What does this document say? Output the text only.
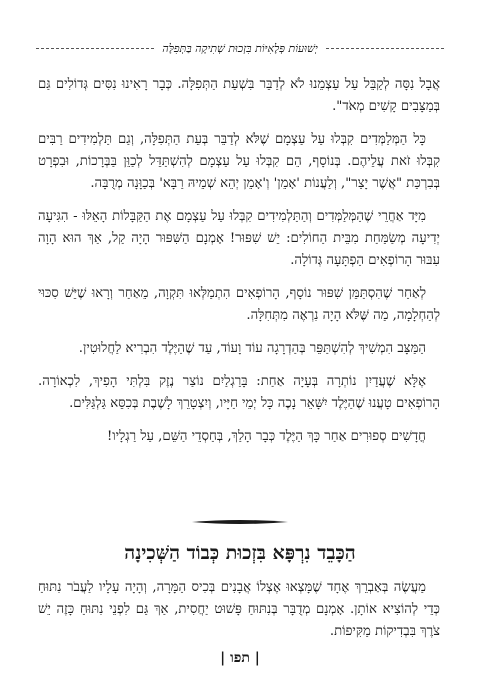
יְשׁוּעוֹת פְּלָאִיּוֹת בִּזְכוּת שְׁתִיקָה בַּתְּפִלָּה

אֲבָל נִסָּה לְקַבֵּל עַל עַצְמֵנוּ לֹא לְדַבֵּר בִּשְׁעַת הַתְּפִלָּה. כְּבָר רָאִינוּ נִסִּים גְּדוֹלִים גַּם בְּמַצָּבִים קָשִׁים מְאֹד".

כָּל הַמְּלַמְּדִים קִבְּלוּ עַל עַצְמָם שֶׁלֹּא לְדַבֵּר בְּעֵת הַתְּפִלָּה, וְגַם תַּלְמִידִים רַבִּים קִבְּלוּ זֹאת עֲלֵיהֶם. בְּנוֹסָף, הֵם קִבְּלוּ עַל עַצְמָם לְהִשְׁתַּדֵּל לְכַוֵּן בַּבְּרָכוֹת, וּבִפְרָט בְּבִרְכַּת "אֲשֶׁר יָצַר", וְלַעֲנוֹת 'אָמֵן' וְ'אָמֵן יְהֵא שְׁמֵיהּ רַבָּא' בְּכַוָּנָה מְרֻבָּה.

מִיָּד אַחֲרֵי שֶׁהַמְּלַמְּדִים וְהַתַּלְמִידִים קִבְּלוּ עַל עַצְמָם אֶת הַקַּבָּלוֹת הָאֵלּוּ - הִגִּיעָה יְדִיעָה מְשַׂמַּחַת מִבֵּית הַחוֹלִים: יֵשׁ שִׁפּוּר! אָמְנָם הַשִּׁפּוּר הָיָה קַל, אַךְ הוּא הָוָה עִבּוּר הָרוֹפְאִים הַפְתָּעָה גְּדוֹלָה.

לְאַחַר שֶׁהִסְתַּמֵּן שִׁפּוּר נוֹסָף, הָרוֹפְאִים הִתְמַלְּאוּ תִּקְוָה, מֵאַחַר וְרָאוּ שֶׁיֵּשׁ סִכּוּי לְהַחְלָמָה, מַה שֶּׁלֹּא הָיָה נִרְאֶה מִתְּחִלָּה.

הַמַּצָּב הִמְשִׁיךְ לְהִשְׁתַּפֵּר בְּהַדְרָגָה עוֹד וָעוֹד, עַד שֶׁהַיֶּלֶד הִבְרִיא לַחֲלוּטִין.

אֶלָּא שֶׁעֲדַיִן נוֹתְרָה בְּעָיָה אַחַת: בָּרַגְלַיִם נוֹצַר נֶזֶק בִּלְתִּי הָפִיךְ, לִכְאוֹרָה. הָרוֹפְאִים טָעֲנוּ שֶׁהַיֶּלֶד יִשָּׁאֵר נָכֶה כָּל יְמֵי חַיָּיו, וְיִצְטָרֵךְ לָשֶׁבֶת בְּכִסֵּא גַּלְגַּלִּים.

חֳדָשִׁים סְפוּרִים אַחַר כָּךְ הַיֶּלֶד כְּבָר הָלַךְ, בְּחַסְדֵי הַשֵּׁם, עַל רַגְלָיו!

הַכָּבֵד נִרְפָּא בִּזְכוּת כְּבוֹד הַשְּׁכִינָה

מַעֲשֶׂה בְּאַבְרֵךְ אֶחָד שֶׁמָּצְאוּ אֶצְלוֹ אֲבָנִים בְּכִיס הַמָּרָה, וְהָיָה עָלָיו לַעֲבֹר נִתּוּחַ כְּדֵי לְהוֹצִיא אוֹתָן. אָמְנָם מְדֻבָּר בְּנִתּוּחַ פָּשׁוּט יַחֲסִית, אַךְ גַּם לִפְנֵי נִתּוּחַ כָּזֶה יֵשׁ צֹרֶךְ בִּבְדִיקוֹת מַקִּיפוֹת.

| תפו |
